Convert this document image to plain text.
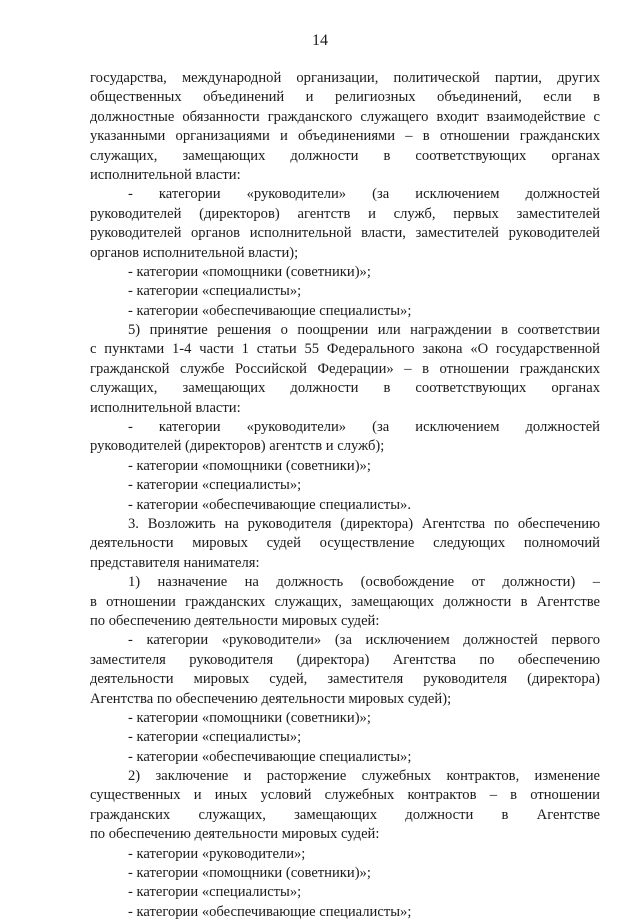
14
государства, международной организации, политической партии, других
общественных объединений и религиозных объединений, если в
должностные обязанности гражданского служащего входит взаимодействие с
указанными организациями и объединениями – в отношении гражданских
служащих, замещающих должности в соответствующих органах
исполнительной власти:
- категории «руководители» (за исключением должностей
руководителей (директоров) агентств и служб, первых заместителей
руководителей органов исполнительной власти, заместителей руководителей
органов исполнительной власти);
- категории «помощники (советники)»;
- категории «специалисты»;
- категории «обеспечивающие специалисты»;
5) принятие решения о поощрении или награждении в соответствии
с пунктами 1-4 части 1 статьи 55 Федерального закона «О государственной
гражданской службе Российской Федерации» – в отношении гражданских
служащих, замещающих должности в соответствующих органах
исполнительной власти:
- категории «руководители» (за исключением должностей
руководителей (директоров) агентств и служб);
- категории «помощники (советники)»;
- категории «специалисты»;
- категории «обеспечивающие специалисты».
3. Возложить на руководителя (директора) Агентства по обеспечению
деятельности мировых судей осуществление следующих полномочий
представителя нанимателя:
1) назначение на должность (освобождение от должности) –
в отношении гражданских служащих, замещающих должности в Агентстве
по обеспечению деятельности мировых судей:
- категории «руководители» (за исключением должностей первого
заместителя руководителя (директора) Агентства по обеспечению
деятельности мировых судей, заместителя руководителя (директора)
Агентства по обеспечению деятельности мировых судей);
- категории «помощники (советники)»;
- категории «специалисты»;
- категории «обеспечивающие специалисты»;
2) заключение и расторжение служебных контрактов, изменение
существенных и иных условий служебных контрактов – в отношении
гражданских служащих, замещающих должности в Агентстве
по обеспечению деятельности мировых судей:
- категории «руководители»;
- категории «помощники (советники)»;
- категории «специалисты»;
- категории «обеспечивающие специалисты»;
